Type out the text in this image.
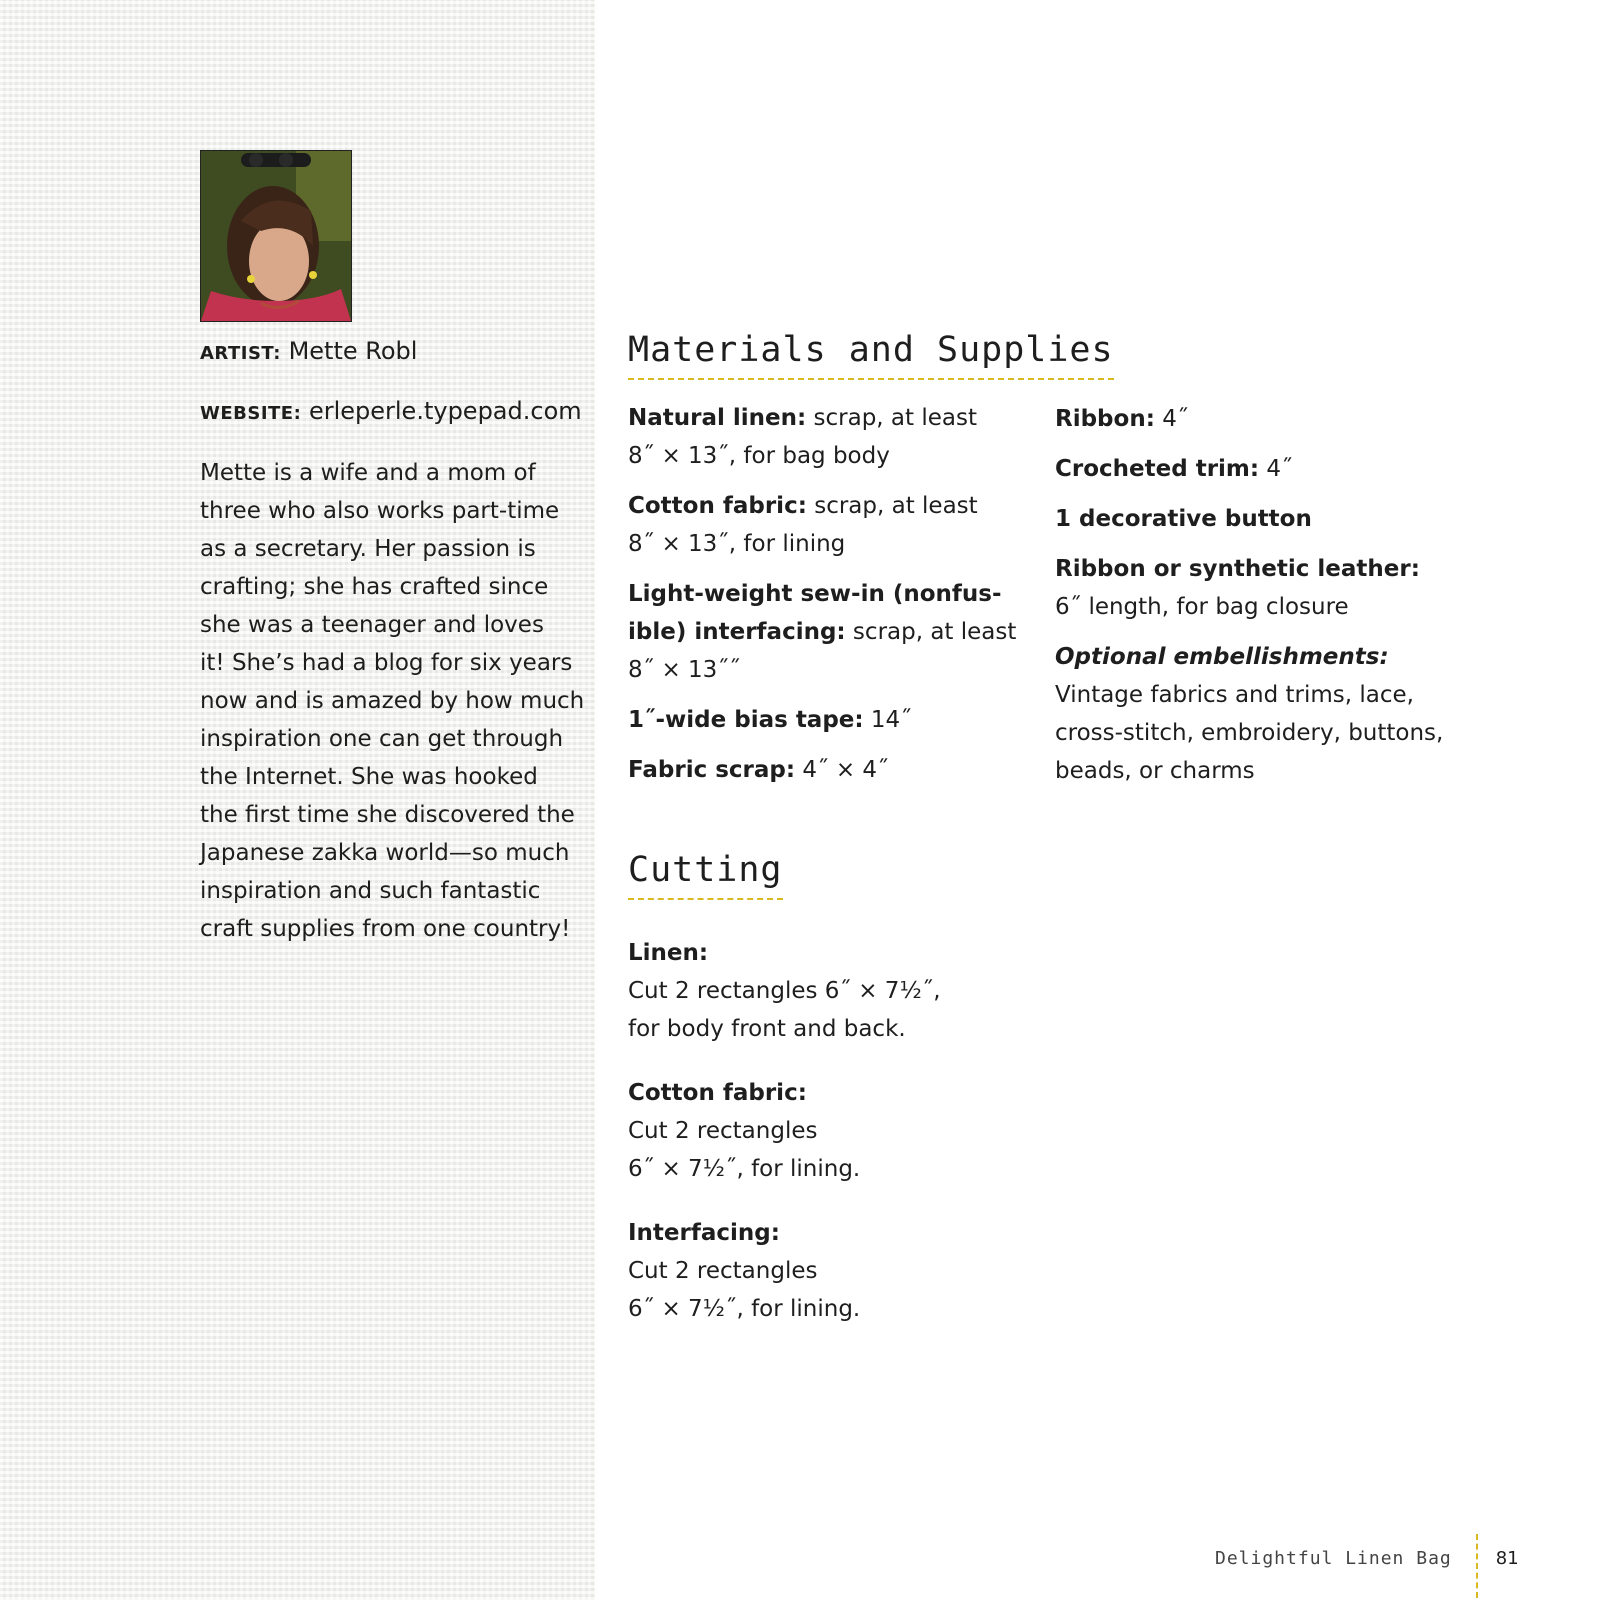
ARTIST: Mette Robl
WEBSITE: erleperle.typepad.com
Mette is a wife and a mom of
three who also works part-time
as a secretary. Her passion is
crafting; she has crafted since
she was a teenager and loves
it! She’s had a blog for six years
now and is amazed by how much
inspiration one can get through
the Internet. She was hooked
the first time she discovered the
Japanese zakka world—so much
inspiration and such fantastic
craft supplies from one country!
Materials and Supplies
Natural linen: scrap, at least
8˝ × 13˝, for bag body
Cotton fabric: scrap, at least
8˝ × 13˝, for lining
Light-weight sew-in (nonfus-
ible) interfacing: scrap, at least
8˝ × 13˝˝
1˝-wide bias tape: 14˝
Fabric scrap: 4˝ × 4˝
Ribbon: 4˝
Crocheted trim: 4˝
1 decorative button
Ribbon or synthetic leather:
6˝ length, for bag closure
Optional embellishments:
Vintage fabrics and trims, lace,
cross-stitch, embroidery, buttons,
beads, or charms
Cutting
Linen:
Cut 2 rectangles 6˝ × 7½˝,
for body front and back.
Cotton fabric:
Cut 2 rectangles
6˝ × 7½˝, for lining.
Interfacing:
Cut 2 rectangles
6˝ × 7½˝, for lining.
Delightful Linen Bag 81
